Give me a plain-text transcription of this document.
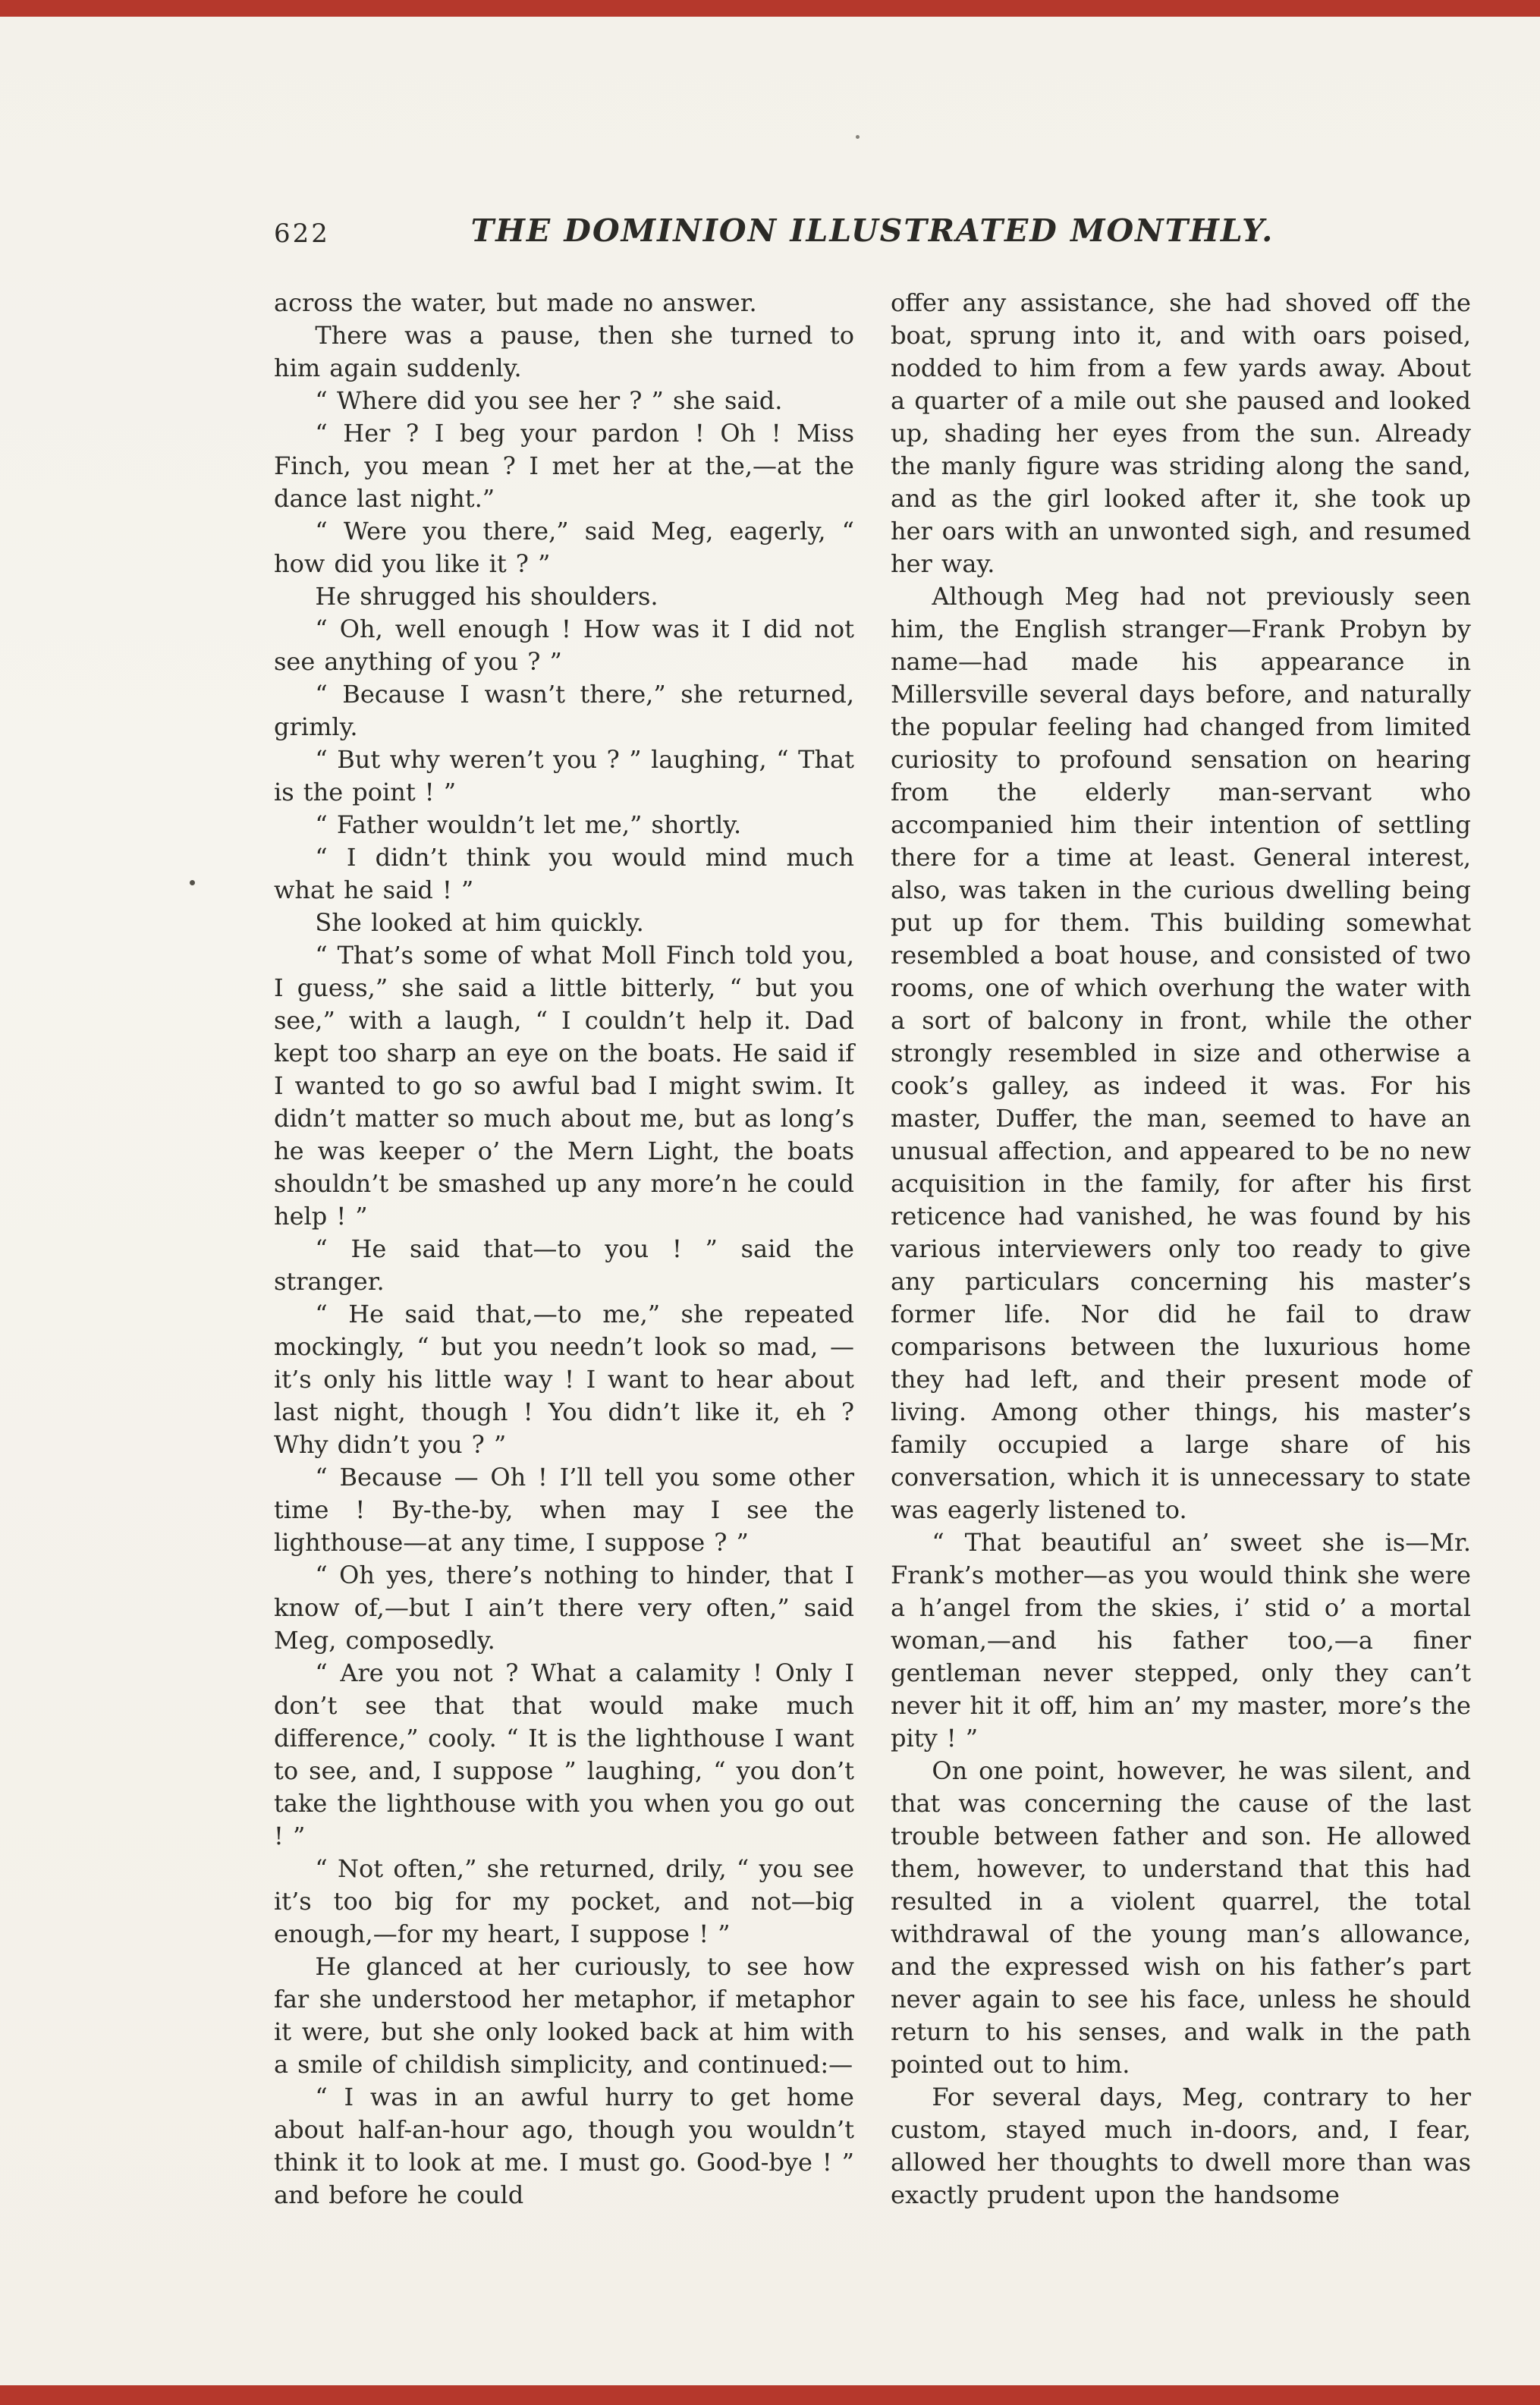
622	THE DOMINION ILLUSTRATED MONTHLY.

across the water, but made no answer.

There was a pause, then she turned to him again suddenly.

“ Where did you see her ? ” she said.

“ Her ? I beg your pardon ! Oh ! Miss Finch, you mean ? I met her at the,—at the dance last night.”

“ Were you there,” said Meg, eagerly, “ how did you like it ? ”

He shrugged his shoulders.

“ Oh, well enough ! How was it I did not see anything of you ? ”

“ Because I wasn’t there,” she returned, grimly.

“ But why weren’t you ? ” laughing, “ That is the point ! ”

“ Father wouldn’t let me,” shortly.

“ I didn’t think you would mind much what he said ! ”

She looked at him quickly.

“ That’s some of what Moll Finch told you, I guess,” she said a little bitterly, “ but you see,” with a laugh, “ I couldn’t help it. Dad kept too sharp an eye on the boats. He said if I wanted to go so awful bad I might swim. It didn’t matter so much about me, but as long’s he was keeper o’ the Mern Light, the boats shouldn’t be smashed up any more’n he could help ! ”

“ He said that—to you ! ” said the stranger.

“ He said that,—to me,” she repeated mockingly, “ but you needn’t look so mad, —it’s only his little way ! I want to hear about last night, though ! You didn’t like it, eh ? Why didn’t you ? ”

“ Because — Oh ! I’ll tell you some other time ! By-the-by, when may I see the lighthouse—at any time, I suppose ? ”

“ Oh yes, there’s nothing to hinder, that I know of,—but I ain’t there very often,” said Meg, composedly.

“ Are you not ? What a calamity ! Only I don’t see that that would make much difference,” cooly. “ It is the lighthouse I want to see, and, I suppose ” laughing, “ you don’t take the lighthouse with you when you go out ! ”

“ Not often,” she returned, drily, “ you see it’s too big for my pocket, and not—big enough,—for my heart, I suppose ! ”

He glanced at her curiously, to see how far she understood her metaphor, if metaphor it were, but she only looked back at him with a smile of childish simplicity, and continued:—

“ I was in an awful hurry to get home about half-an-hour ago, though you wouldn’t think it to look at me. I must go. Good-bye ! ” and before he could

offer any assistance, she had shoved off the boat, sprung into it, and with oars poised, nodded to him from a few yards away. About a quarter of a mile out she paused and looked up, shading her eyes from the sun. Already the manly figure was striding along the sand, and as the girl looked after it, she took up her oars with an unwonted sigh, and resumed her way.

Although Meg had not previously seen him, the English stranger—Frank Probyn by name—had made his appearance in Millersville several days before, and naturally the popular feeling had changed from limited curiosity to profound sensation on hearing from the elderly man-servant who accompanied him their intention of settling there for a time at least. General interest, also, was taken in the curious dwelling being put up for them. This building somewhat resembled a boat house, and consisted of two rooms, one of which overhung the water with a sort of balcony in front, while the other strongly resembled in size and otherwise a cook’s galley, as indeed it was. For his master, Duffer, the man, seemed to have an unusual affection, and appeared to be no new acquisition in the family, for after his first reticence had vanished, he was found by his various interviewers only too ready to give any particulars concerning his master’s former life. Nor did he fail to draw comparisons between the luxurious home they had left, and their present mode of living. Among other things, his master’s family occupied a large share of his conversation, which it is unnecessary to state was eagerly listened to.

“ That beautiful an’ sweet she is—Mr. Frank’s mother—as you would think she were a h’angel from the skies, i’ stid o’ a mortal woman,—and his father too,—a finer gentleman never stepped, only they can’t never hit it off, him an’ my master, more’s the pity ! ”

On one point, however, he was silent, and that was concerning the cause of the last trouble between father and son. He allowed them, however, to understand that this had resulted in a violent quarrel, the total withdrawal of the young man’s allowance, and the expressed wish on his father’s part never again to see his face, unless he should return to his senses, and walk in the path pointed out to him.

For several days, Meg, contrary to her custom, stayed much in-doors, and, I fear, allowed her thoughts to dwell more than was exactly prudent upon the handsome
